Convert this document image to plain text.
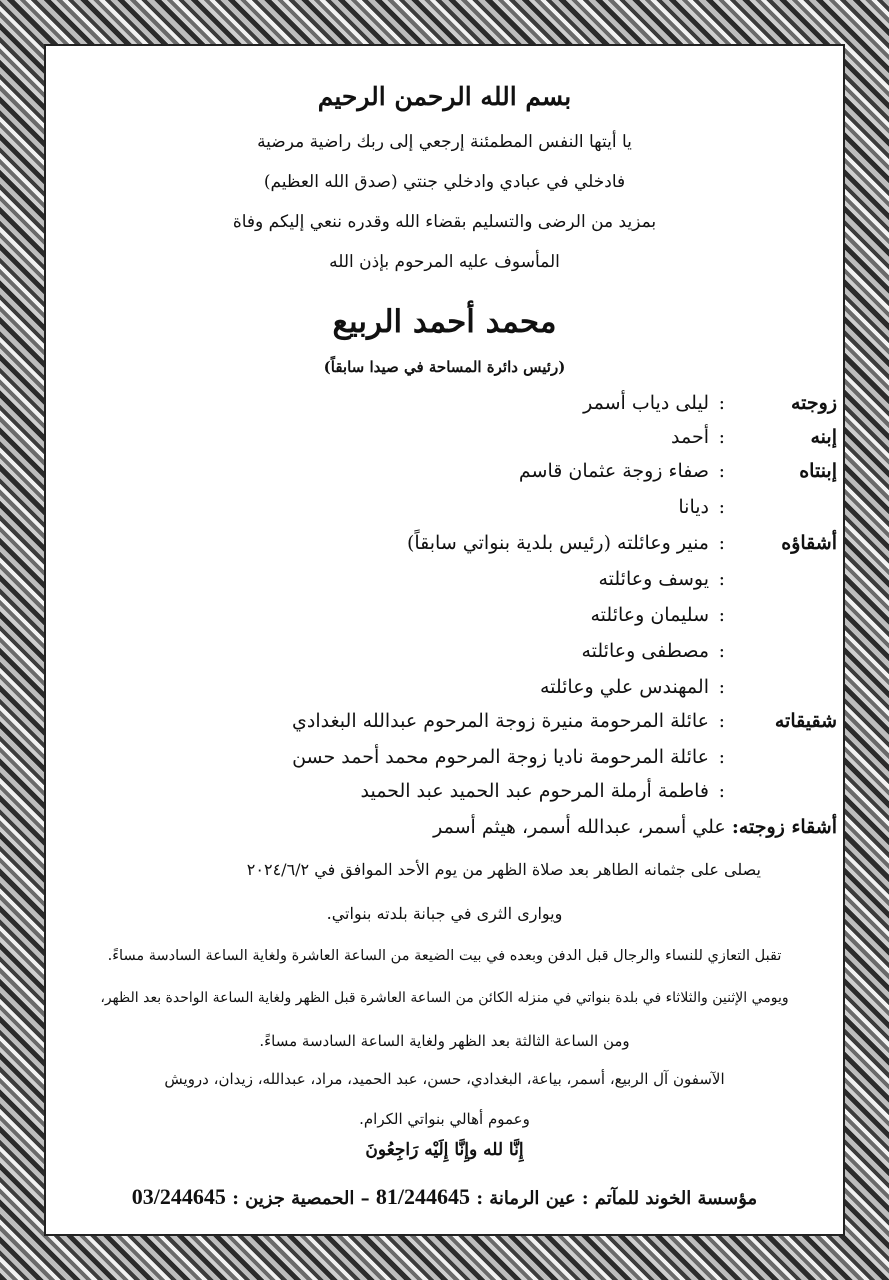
بسم الله الرحمن الرحيم
يا أيتها النفس المطمئنة إرجعي إلى ربك راضية مرضية
فادخلي في عبادي وادخلي جنتي (صدق الله العظيم)
بمزيد من الرضى والتسليم بقضاء الله وقدره ننعي إليكم وفاة
المأسوف عليه المرحوم بإذن الله
محمد أحمد الربيع
(رئيس دائرة المساحة في صيدا سابقاً)
زوجته
:
ليلى دياب أسمر
إبنه
:
أحمد
إبنتاه
:
صفاء زوجة عثمان قاسم
:
ديانا
أشقاؤه
:
منير وعائلته (رئيس بلدية بنواتي سابقاً)
:
يوسف وعائلته
:
سليمان وعائلته
:
مصطفى وعائلته
:
المهندس علي وعائلته
شقيقاته
:
عائلة المرحومة منيرة زوجة المرحوم عبدالله البغدادي
:
عائلة المرحومة ناديا زوجة المرحوم محمد أحمد حسن
:
فاطمة أرملة المرحوم عبد الحميد عبد الحميد
أشقاء زوجته: علي أسمر، عبدالله أسمر، هيثم أسمر
يصلى على جثمانه الطاهر بعد صلاة الظهر من يوم الأحد الموافق في ٢٠٢٤/٦/٢
ويوارى الثرى في جبانة بلدته بنواتي.
تقبل التعازي للنساء والرجال قبل الدفن وبعده في بيت الضيعة من الساعة العاشرة ولغاية الساعة السادسة مساءً.
ويومي الإثنين والثلاثاء في بلدة بنواتي في منزله الكائن من الساعة العاشرة قبل الظهر ولغاية الساعة الواحدة بعد الظهر،
ومن الساعة الثالثة بعد الظهر ولغاية الساعة السادسة مساءً.
الآسفون آل الربيع، أسمر، بياعة، البغدادي، حسن، عبد الحميد، مراد، عبدالله، زيدان، درويش
وعموم أهالي بنواتي الكرام.
إِنَّا لله وإِنَّا إِلَيْه رَاجِعُونَ
مؤسسة الخوند للمآتم : عين الرمانة : 81/244645 – الحمصية جزين : 03/244645
